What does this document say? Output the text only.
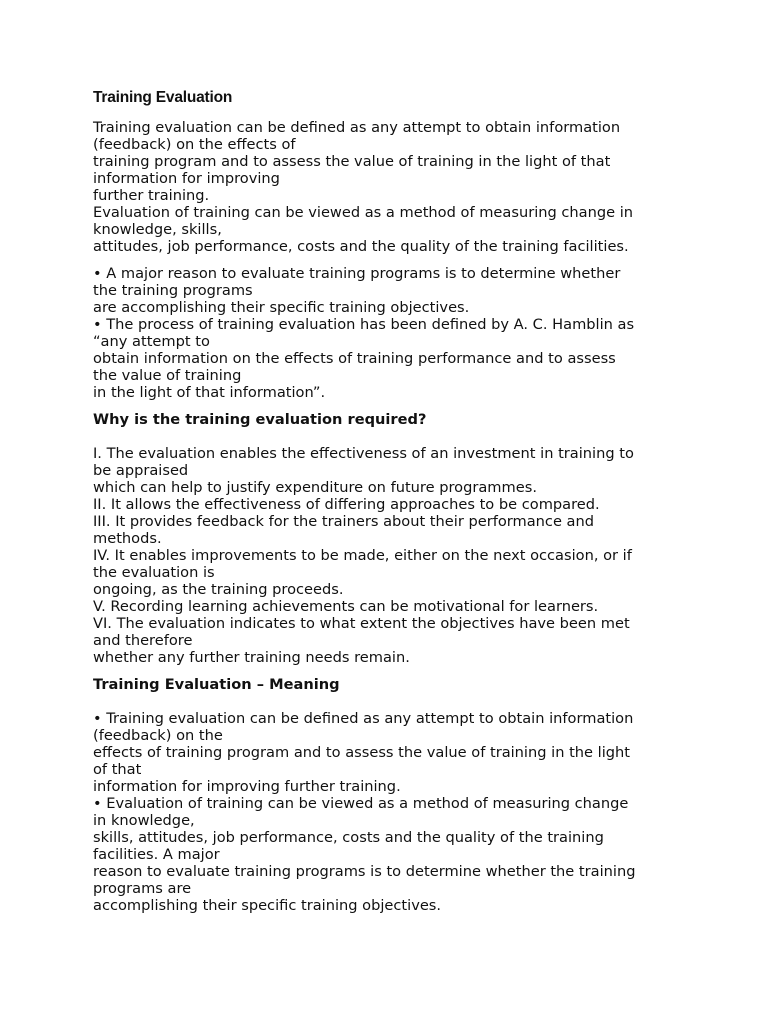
Training Evaluation
Training evaluation can be defined as any attempt to obtain information
(feedback) on the effects of
training program and to assess the value of training in the light of that
information for improving
further training.
Evaluation of training can be viewed as a method of measuring change in
knowledge, skills,
attitudes, job performance, costs and the quality of the training facilities.
• A major reason to evaluate training programs is to determine whether
the training programs
are accomplishing their specific training objectives.
• The process of training evaluation has been defined by A. C. Hamblin as
“any attempt to
obtain information on the effects of training performance and to assess
the value of training
in the light of that information”.
Why is the training evaluation required?
I. The evaluation enables the effectiveness of an investment in training to
be appraised
which can help to justify expenditure on future programmes.
II. It allows the effectiveness of differing approaches to be compared.
III. It provides feedback for the trainers about their performance and
methods.
IV. It enables improvements to be made, either on the next occasion, or if
the evaluation is
ongoing, as the training proceeds.
V. Recording learning achievements can be motivational for learners.
VI. The evaluation indicates to what extent the objectives have been met
and therefore
whether any further training needs remain.
Training Evaluation – Meaning
• Training evaluation can be defined as any attempt to obtain information
(feedback) on the
effects of training program and to assess the value of training in the light
of that
information for improving further training.
• Evaluation of training can be viewed as a method of measuring change
in knowledge,
skills, attitudes, job performance, costs and the quality of the training
facilities. A major
reason to evaluate training programs is to determine whether the training
programs are
accomplishing their specific training objectives.
